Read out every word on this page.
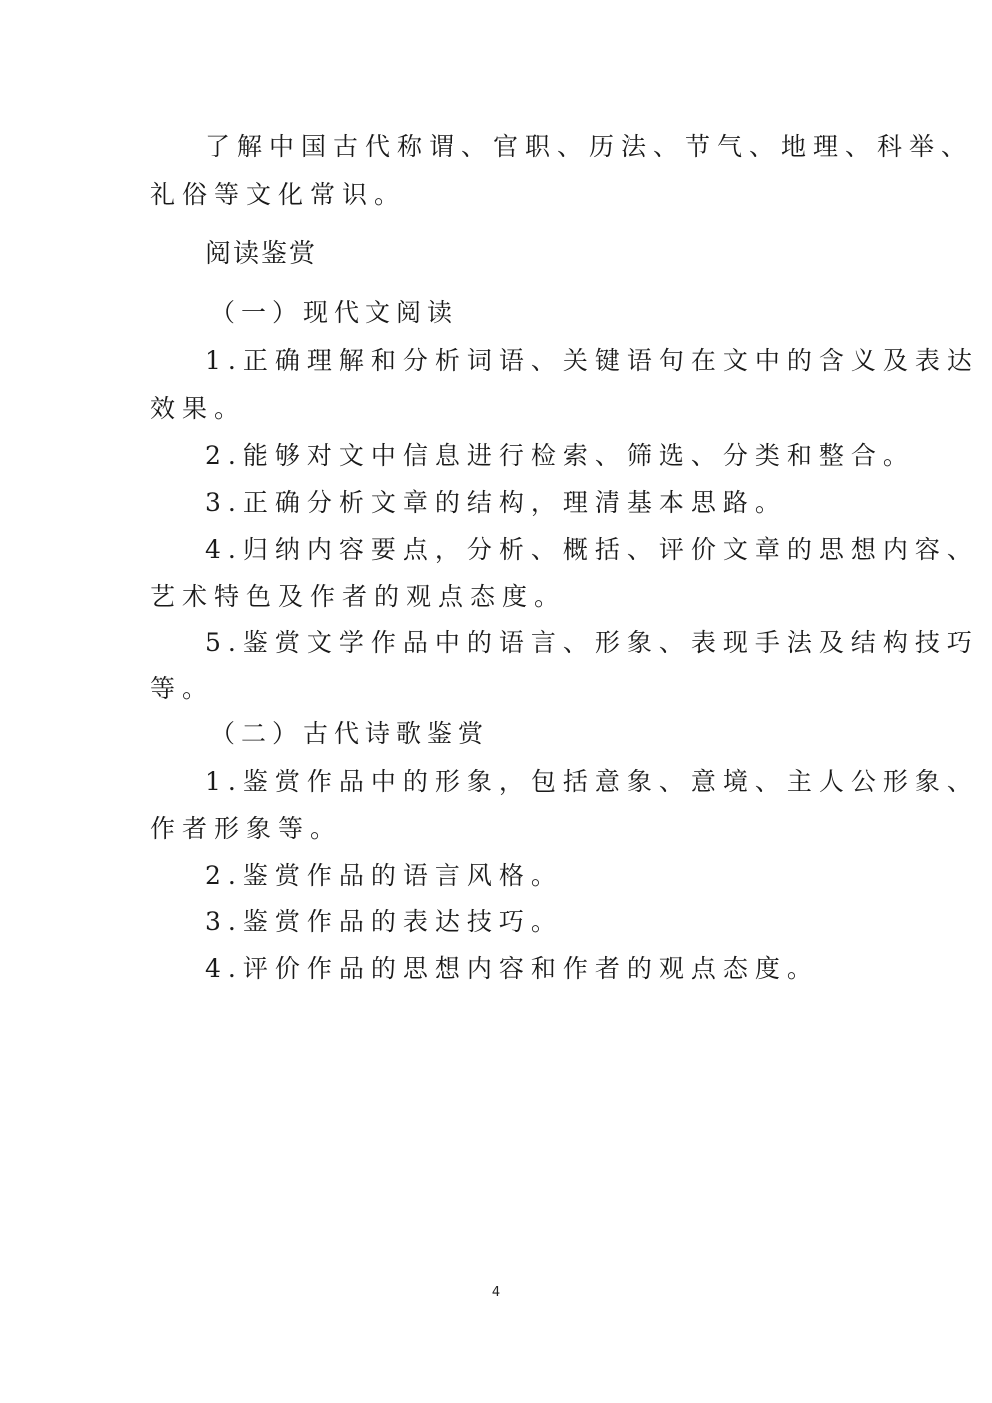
了解中国古代称谓、官职、历法、节气、地理、科举、
礼俗等文化常识。
阅读鉴赏
（一）现代文阅读
1.正确理解和分析词语、关键语句在文中的含义及表达
效果。
2.能够对文中信息进行检索、筛选、分类和整合。
3.正确分析文章的结构，理清基本思路。
4.归纳内容要点，分析、概括、评价文章的思想内容、
艺术特色及作者的观点态度。
5.鉴赏文学作品中的语言、形象、表现手法及结构技巧
等。
（二）古代诗歌鉴赏
1.鉴赏作品中的形象，包括意象、意境、主人公形象、
作者形象等。
2.鉴赏作品的语言风格。
3.鉴赏作品的表达技巧。
4.评价作品的思想内容和作者的观点态度。
4
